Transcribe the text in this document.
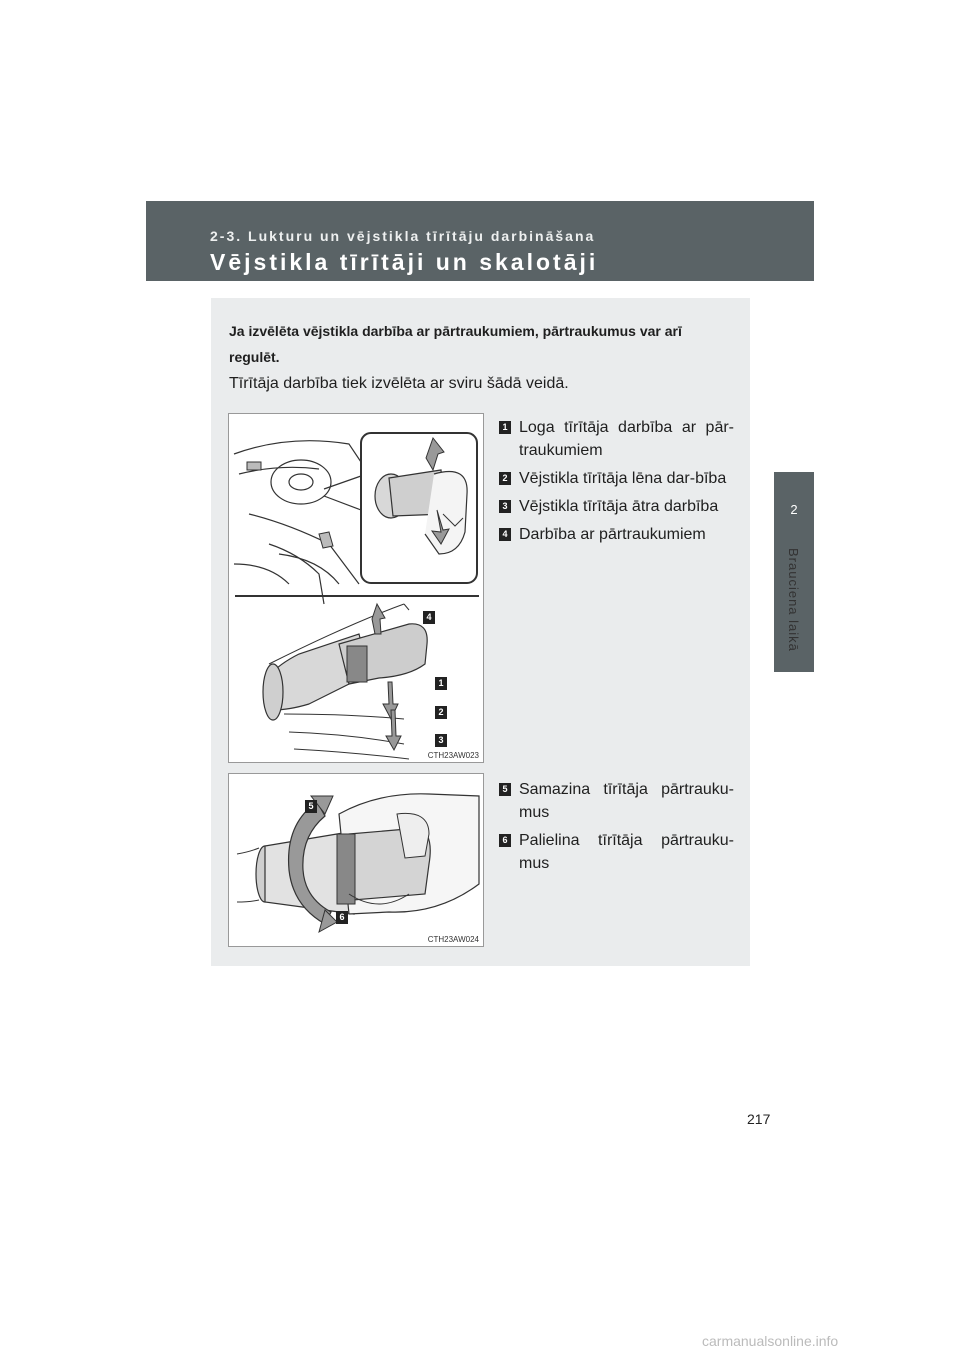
2-3. Lukturu un vējstikla tīrītāju darbināšana
Vējstikla tīrītāji un skalotāji
2
Brauciena laikā
Ja izvēlēta vējstikla darbība ar pārtraukumiem, pārtraukumus var arī regulēt.
Tīrītāja darbība tiek izvēlēta ar sviru šādā veidā.
4
1
2
3
CTH23AW023
1 Loga tīrītāja darbība ar pār-traukumiem
2 Vējstikla tīrītāja lēna dar-bība
3 Vējstikla tīrītāja ātra darbība
4 Darbība ar pārtraukumiem
5
6
CTH23AW024
5 Samazina tīrītāja pārtrauku-mus
6 Palielina tīrītāja pārtrauku-mus
217
carmanualsonline.info
